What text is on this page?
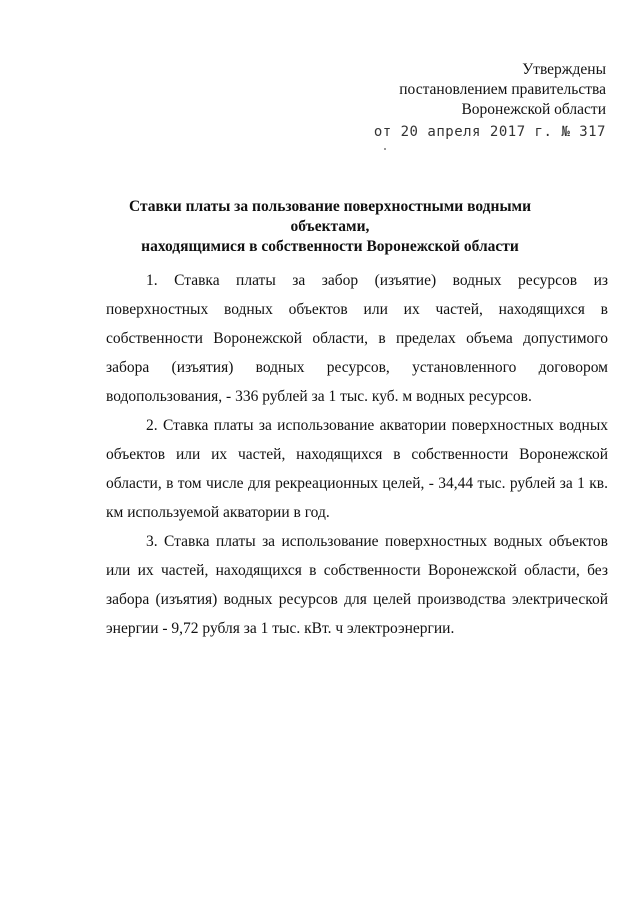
Утверждены
постановлением правительства
Воронежской области
от 20 апреля 2017 г. № 317
Ставки платы за пользование поверхностными водными объектами,
находящимися в собственности Воронежской области

1. Ставка платы за забор (изъятие) водных ресурсов из поверхностных водных объектов или их частей, находящихся в собственности Воронежской области, в пределах объема допустимого забора (изъятия) водных ресурсов, установленного договором водопользования, - 336 рублей за 1 тыс. куб. м водных ресурсов.

2. Ставка платы за использование акватории поверхностных водных объектов или их частей, находящихся в собственности Воронежской области, в том числе для рекреационных целей, - 34,44 тыс. рублей за 1 кв. км используемой акватории в год.

3. Ставка платы за использование поверхностных водных объектов или их частей, находящихся в собственности Воронежской области, без забора (изъятия) водных ресурсов для целей производства электрической энергии - 9,72 рубля за 1 тыс. кВт. ч электроэнергии.
